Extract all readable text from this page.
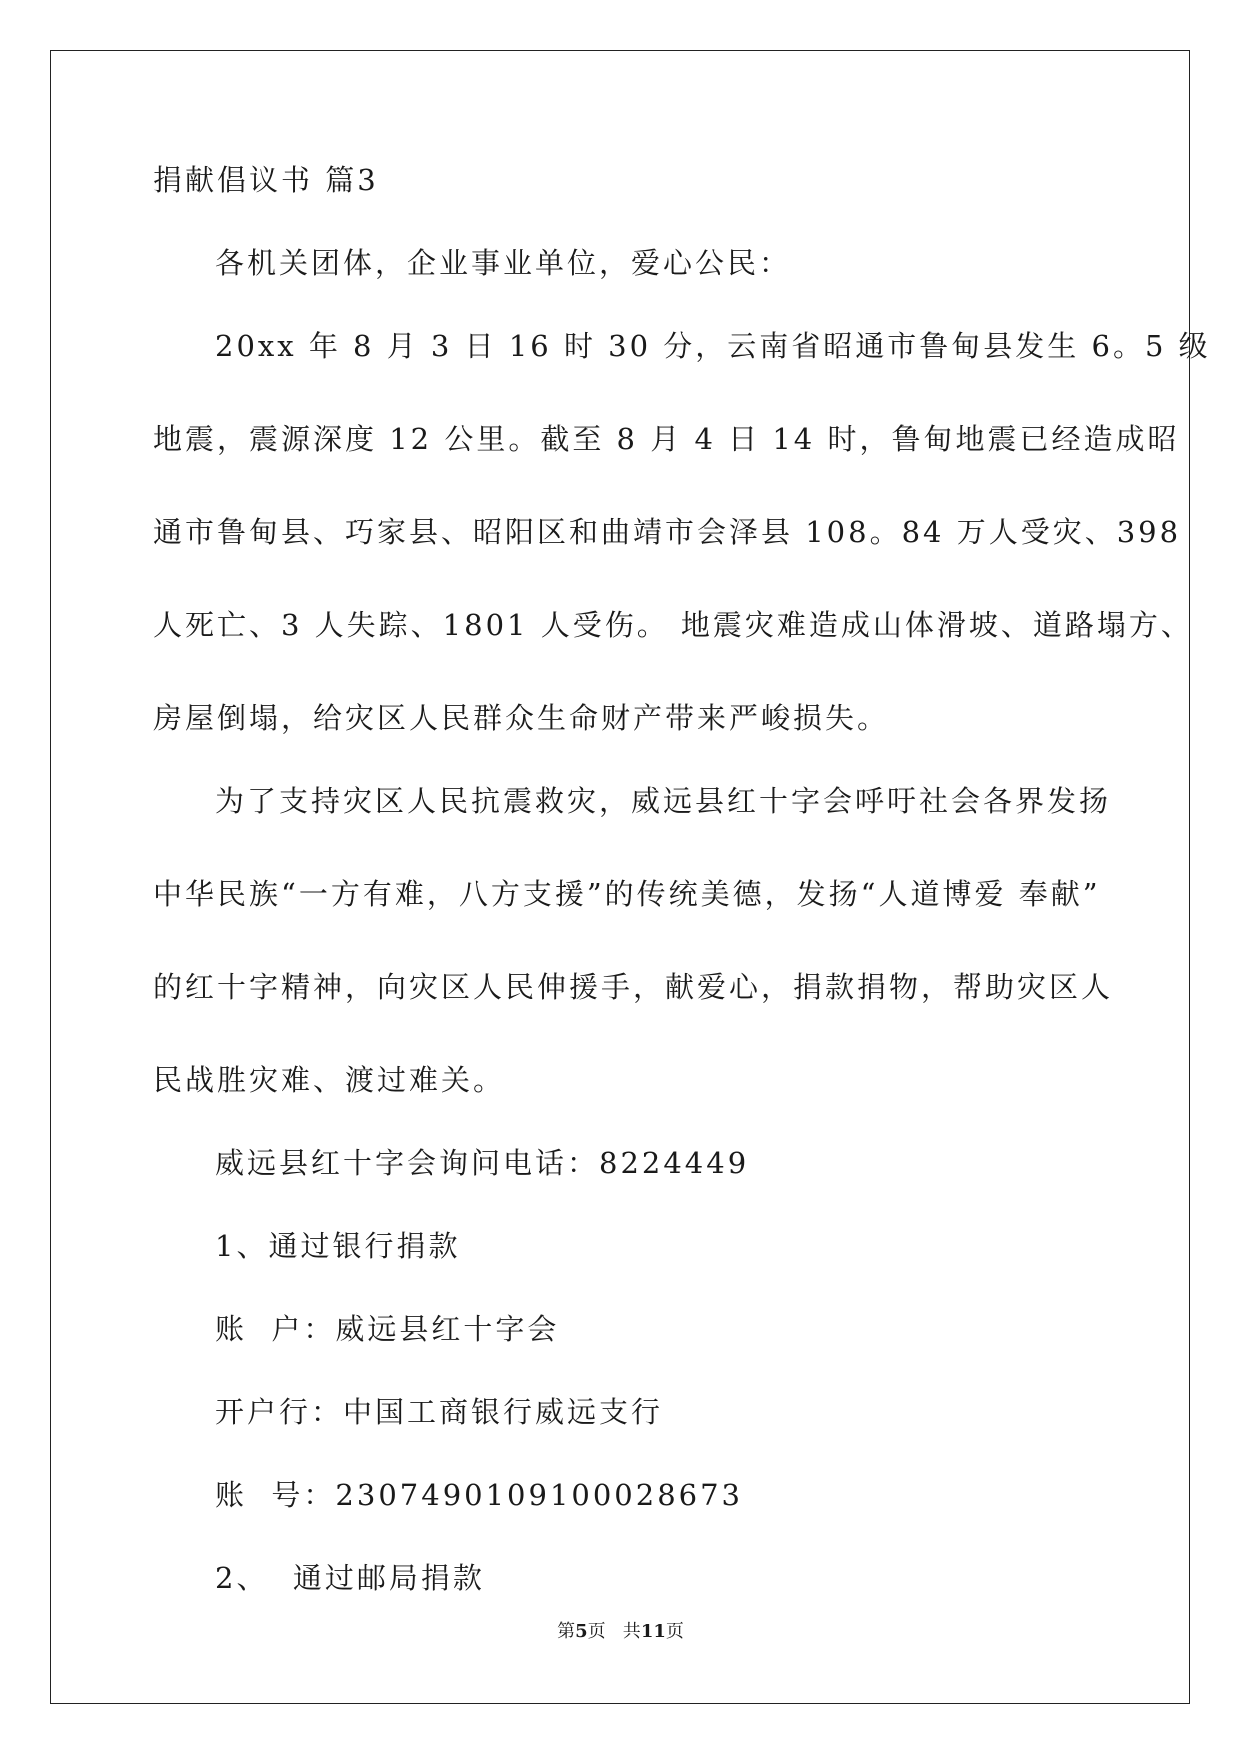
捐献倡议书 篇3

各机关团体，企业事业单位，爱心公民：

20xx 年 8 月 3 日 16 时 30 分，云南省昭通市鲁甸县发生 6。5 级

地震，震源深度 12 公里。截至 8 月 4 日 14 时，鲁甸地震已经造成昭

通市鲁甸县、巧家县、昭阳区和曲靖市会泽县 108。84 万人受灾、398

人死亡、3 人失踪、1801 人受伤。 地震灾难造成山体滑坡、道路塌方、

房屋倒塌，给灾区人民群众生命财产带来严峻损失。

为了支持灾区人民抗震救灾，威远县红十字会呼吁社会各界发扬

中华民族“一方有难，八方支援”的传统美德，发扬“人道博爱 奉献”

的红十字精神，向灾区人民伸援手，献爱心，捐款捐物，帮助灾区人

民战胜灾难、渡过难关。

威远县红十字会询问电话：8224449

1、通过银行捐款

账  户：威远县红十字会

开户行：中国工商银行威远支行

账  号：2307490109100028673

2、  通过邮局捐款

第5页   共11页
